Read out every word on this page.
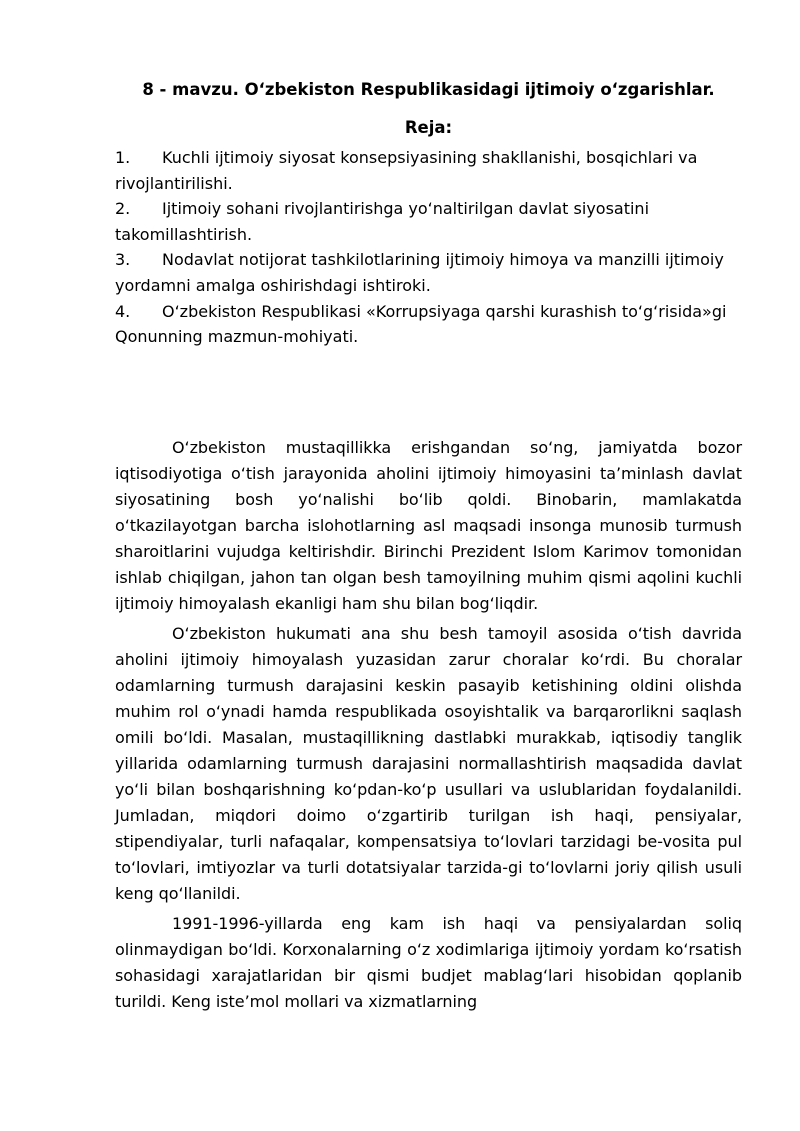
8 - mavzu. O‘zbekiston Respublikasidagi ijtimoiy o‘zgarishlar.
Reja:
1. Kuchli ijtimoiy siyosat konsepsiyasining shakllanishi, bosqichlari va rivojlantirilishi.
2. Ijtimoiy sohani rivojlantirishga yo‘naltirilgan davlat siyosatini takomillashtirish.
3. Nodavlat notijorat tashkilotlarining ijtimoiy himoya va manzilli ijtimoiy yordamni amalga oshirishdagi ishtiroki.
4. O‘zbekiston Respublikasi «Korrupsiyaga qarshi kurashish to‘g‘risida»gi Qonunning mazmun-mohiyati.

O‘zbekiston mustaqillikka erishgandan so‘ng, jamiyatda bozor iqtisodiyotiga o‘tish jarayonida aholini ijtimoiy himoyasini ta’minlash davlat siyosatining bosh yo‘nalishi bo‘lib qoldi. Binobarin, mamlakatda o‘tkazilayotgan barcha islohotlarning asl maqsadi insonga munosib turmush sharoitlarini vujudga keltirishdir. Birinchi Prezident Islom Karimov tomonidan ishlab chiqilgan, jahon tan olgan besh tamoyilning muhim qismi aqolini kuchli ijtimoiy himoyalash ekanligi ham shu bilan bog‘liqdir.

O‘zbekiston hukumati ana shu besh tamoyil asosida o‘tish davrida aholini ijtimoiy himoyalash yuzasidan zarur choralar ko‘rdi. Bu choralar odamlarning turmush darajasini keskin pasayib ketishining oldini olishda muhim rol o‘ynadi hamda respublikada osoyishtalik va barqarorlikni saqlash omili bo‘ldi. Masalan, mustaqillikning dastlabki murakkab, iqtisodiy tanglik yillarida odamlarning turmush darajasini normallashtirish maqsadida davlat yo‘li bilan boshqarishning ko‘pdan-ko‘p usullari va uslublaridan foydalanildi. Jumladan, miqdori doimo o‘zgartirib turilgan ish haqi, pensiyalar, stipendiyalar, turli nafaqalar, kompensatsiya to‘lovlari tarzidagi be-vosita pul to‘lovlari, imtiyozlar va turli dotatsiyalar tarzida-gi to‘lovlarni joriy qilish usuli keng qo‘llanildi.

1991-1996-yillarda eng kam ish haqi va pensiyalardan soliq olinmaydigan bo‘ldi. Korxonalarning o‘z xodimlariga ijtimoiy yordam ko‘rsatish sohasidagi xarajatlaridan bir qismi budjet mablag‘lari hisobidan qoplanib turildi. Keng iste’mol mollari va xizmatlarning
